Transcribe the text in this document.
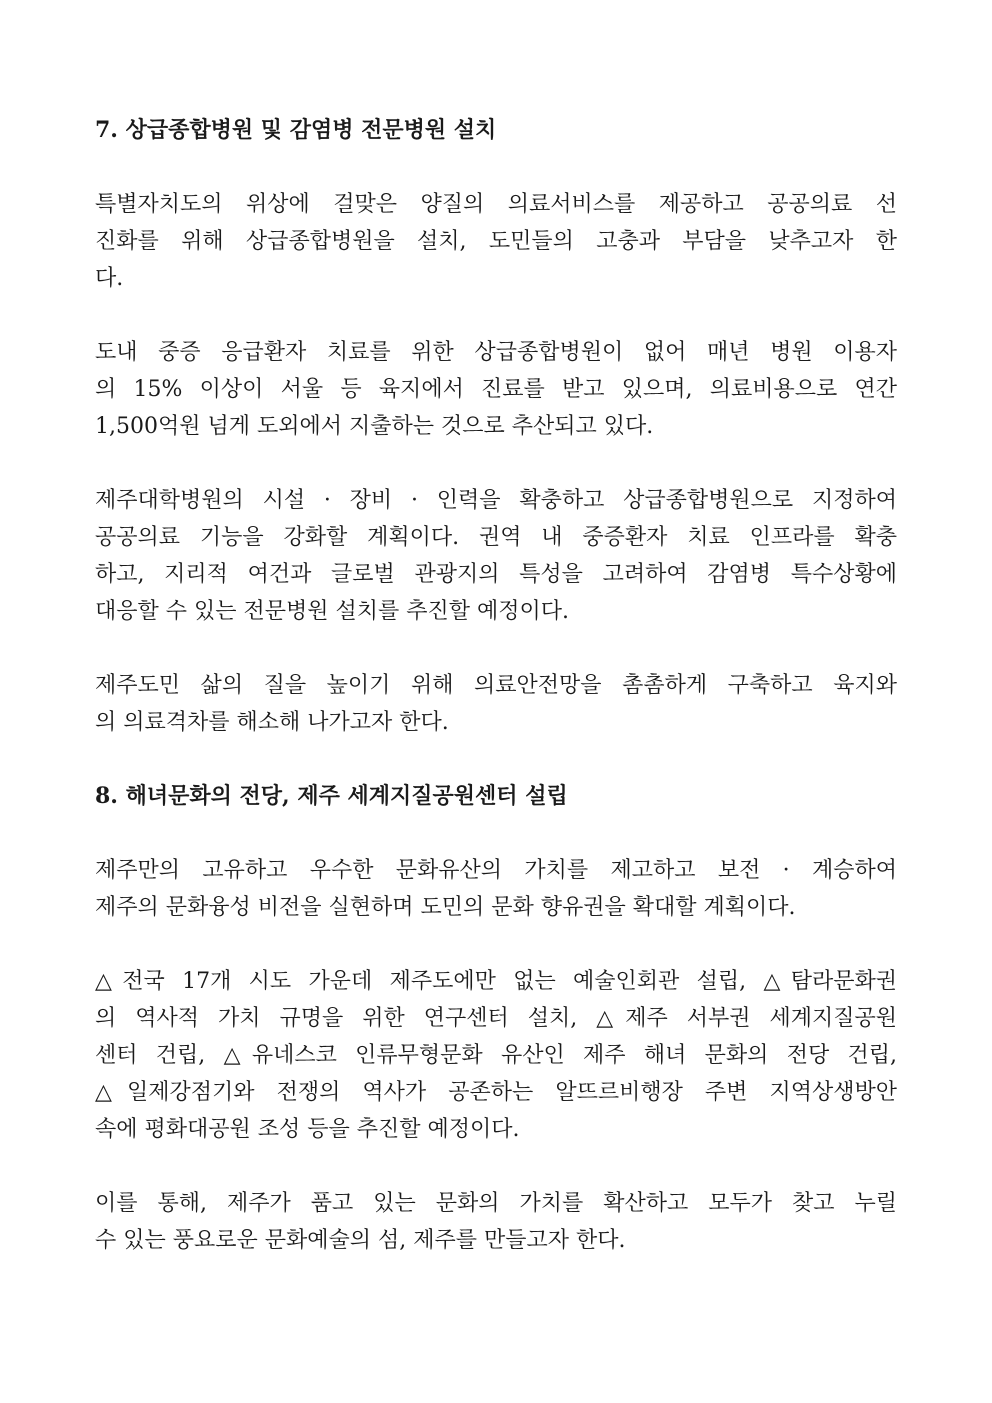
7. 상급종합병원 및 감염병 전문병원 설치
특별자치도의 위상에 걸맞은 양질의 의료서비스를 제공하고 공공의료 선
진화를 위해 상급종합병원을 설치, 도민들의 고충과 부담을 낮추고자 한
다.
도내 중증 응급환자 치료를 위한 상급종합병원이 없어 매년 병원 이용자
의 15% 이상이 서울 등 육지에서 진료를 받고 있으며, 의료비용으로 연간
1,500억원 넘게 도외에서 지출하는 것으로 추산되고 있다.
제주대학병원의 시설 · 장비 · 인력을 확충하고 상급종합병원으로 지정하여
공공의료 기능을 강화할 계획이다. 권역 내 중증환자 치료 인프라를 확충
하고, 지리적 여건과 글로벌 관광지의 특성을 고려하여 감염병 특수상황에
대응할 수 있는 전문병원 설치를 추진할 예정이다.
제주도민 삶의 질을 높이기 위해 의료안전망을 촘촘하게 구축하고 육지와
의 의료격차를 해소해 나가고자 한다.
8. 해녀문화의 전당, 제주 세계지질공원센터 설립
제주만의 고유하고 우수한 문화유산의 가치를 제고하고 보전 · 계승하여
제주의 문화융성 비전을 실현하며 도민의 문화 향유권을 확대할 계획이다.
△전국 17개 시도 가운데 제주도에만 없는 예술인회관 설립, △탐라문화권
의 역사적 가치 규명을 위한 연구센터 설치, △제주 서부권 세계지질공원
센터 건립, △유네스코 인류무형문화 유산인 제주 해녀 문화의 전당 건립,
△일제강점기와 전쟁의 역사가 공존하는 알뜨르비행장 주변 지역상생방안
속에 평화대공원 조성 등을 추진할 예정이다.
이를 통해, 제주가 품고 있는 문화의 가치를 확산하고 모두가 찾고 누릴
수 있는 풍요로운 문화예술의 섬, 제주를 만들고자 한다.
